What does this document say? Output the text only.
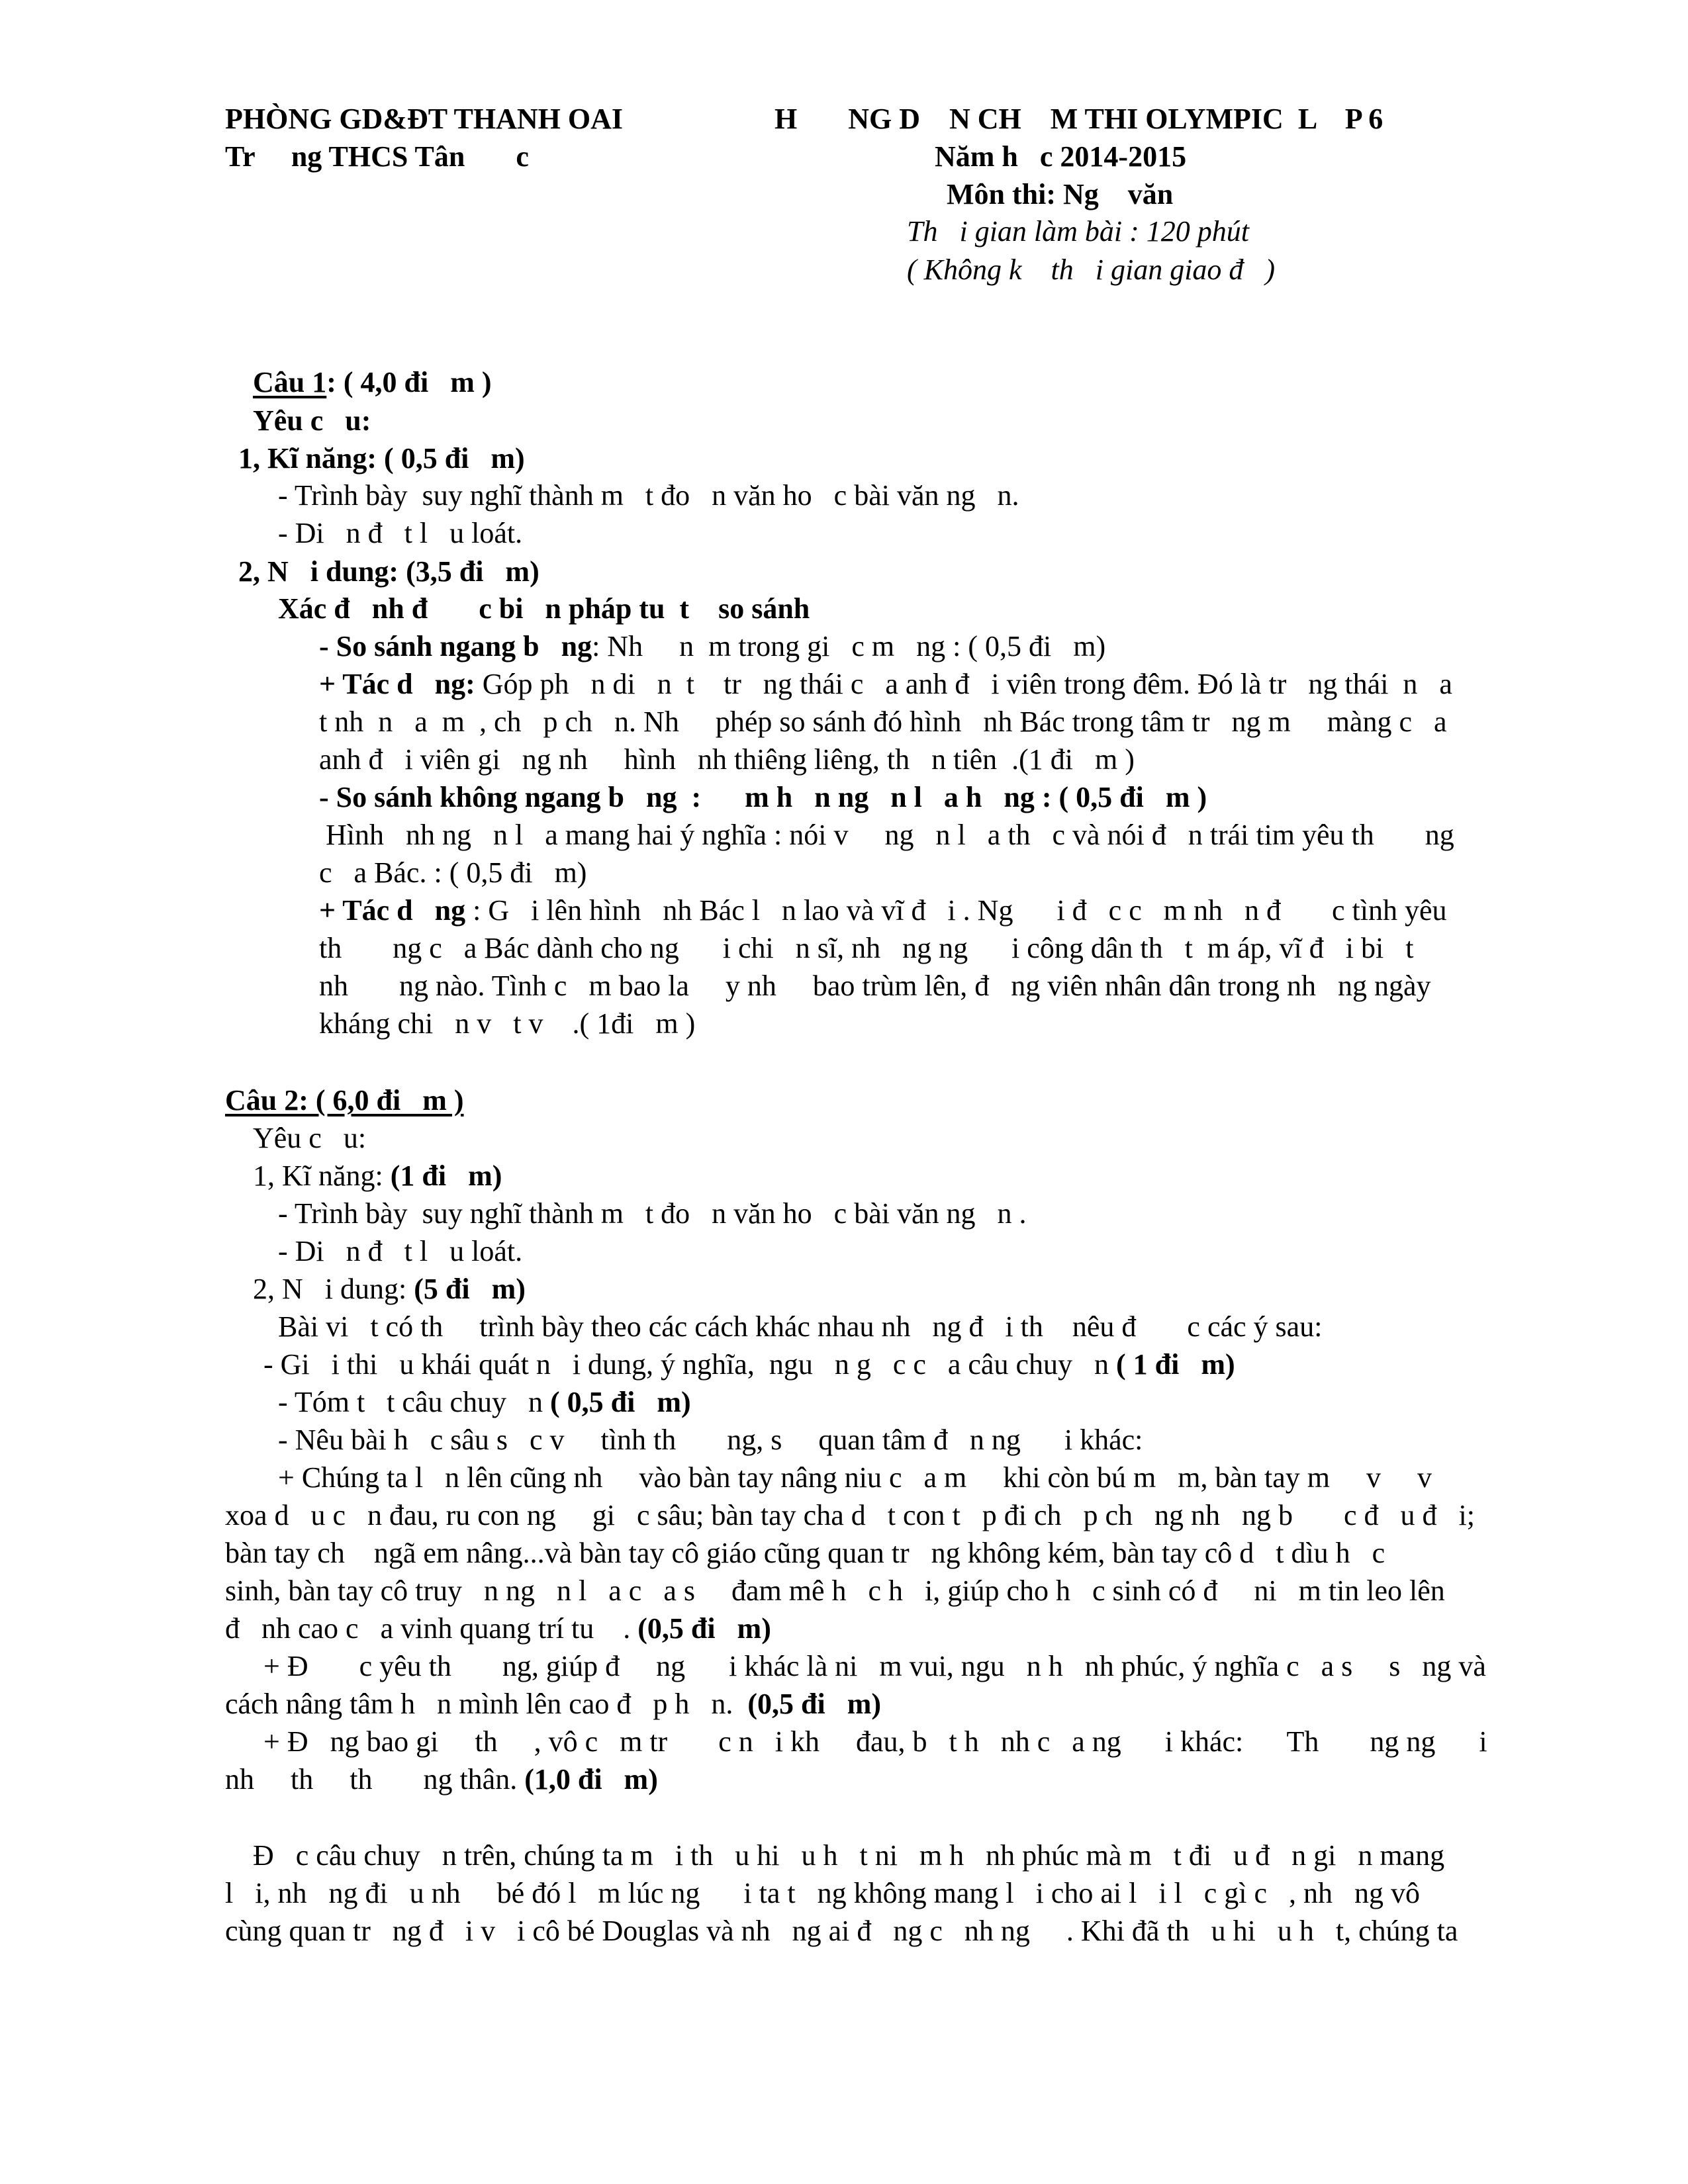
PHÒNG GD&ĐT THANH OAI
Tr     ng THCS Tân       c
H       NG D    N CH    M THI OLYMPIC  L    P 6
Năm h   c 2014-2015
Môn thi: Ng    văn
Th   i gian làm bài : 120 phút
( Không k    th   i gian giao đ   )
Câu 1: ( 4,0 đi   m )
Yêu c   u:
1, Kĩ năng: ( 0,5 đi   m)
- Trình bày  suy nghĩ thành m   t đo   n văn ho   c bài văn ng   n.
- Di   n đ   t l   u loát.
2, N   i dung: (3,5 đi   m)
Xác đ   nh đ       c bi   n pháp tu  t    so sánh
- So sánh ngang b   ng: Nh     n  m trong gi   c m   ng : ( 0,5 đi   m)
+ Tác d   ng: Góp ph   n di   n  t    tr   ng thái c   a anh đ   i viên trong đêm. Đó là tr   ng thái  n   a
t nh  n   a  m  , ch   p ch   n. Nh     phép so sánh đó hình   nh Bác trong tâm tr   ng m     màng c   a
anh đ   i viên gi   ng nh     hình   nh thiêng liêng, th   n tiên  .(1 đi   m )
- So sánh không ngang b   ng  :      m h   n ng   n l   a h   ng : ( 0,5 đi   m )
Hình   nh ng   n l   a mang hai ý nghĩa : nói v     ng   n l   a th   c và nói đ   n trái tim yêu th       ng
c   a Bác. : ( 0,5 đi   m)
+ Tác d   ng : G   i lên hình   nh Bác l   n lao và vĩ đ   i . Ng      i đ   c c   m nh   n đ       c tình yêu
th       ng c   a Bác dành cho ng      i chi   n sĩ, nh   ng ng      i công dân th   t  m áp, vĩ đ   i bi   t
nh       ng nào. Tình c   m bao la     y nh     bao trùm lên, đ   ng viên nhân dân trong nh   ng ngày
kháng chi   n v   t v    .( 1đi   m )
Câu 2: ( 6,0 đi   m )
Yêu c   u:
1, Kĩ năng: (1 đi   m)
- Trình bày  suy nghĩ thành m   t đo   n văn ho   c bài văn ng   n .
- Di   n đ   t l   u loát.
2, N   i dung: (5 đi   m)
Bài vi   t có th     trình bày theo các cách khác nhau nh   ng đ   i th    nêu đ       c các ý sau:
- Gi   i thi   u khái quát n   i dung, ý nghĩa,  ngu   n g   c c   a câu chuy   n ( 1 đi   m)
- Tóm t   t câu chuy   n ( 0,5 đi   m)
- Nêu bài h   c sâu s   c v     tình th       ng, s     quan tâm đ   n ng      i khác:
+ Chúng ta l   n lên cũng nh     vào bàn tay nâng niu c   a m     khi còn bú m   m, bàn tay m     v     v
xoa d   u c   n đau, ru con ng     gi   c sâu; bàn tay cha d   t con t   p đi ch   p ch   ng nh   ng b       c đ   u đ   i;
bàn tay ch    ngã em nâng...và bàn tay cô giáo cũng quan tr   ng không kém, bàn tay cô d   t dìu h   c
sinh, bàn tay cô truy   n ng   n l   a c   a s     đam mê h   c h   i, giúp cho h   c sinh có đ     ni   m tin leo lên
đ   nh cao c   a vinh quang trí tu    . (0,5 đi   m)
+ Đ       c yêu th       ng, giúp đ     ng      i khác là ni   m vui, ngu   n h   nh phúc, ý nghĩa c   a s     s   ng và
cách nâng tâm h   n mình lên cao đ   p h   n.  (0,5 đi   m)
+ Đ   ng bao gi     th     , vô c   m tr       c n   i kh     đau, b   t h   nh c   a ng      i khác:      Th       ng ng      i
nh     th     th       ng thân. (1,0 đi   m)
Đ   c câu chuy   n trên, chúng ta m   i th   u hi   u h   t ni   m h   nh phúc mà m   t đi   u đ   n gi   n mang
l   i, nh   ng đi   u nh     bé đó l   m lúc ng      i ta t   ng không mang l   i cho ai l   i l   c gì c   , nh   ng vô
cùng quan tr   ng đ   i v   i cô bé Douglas và nh   ng ai đ   ng c   nh ng     . Khi đã th   u hi   u h   t, chúng ta
